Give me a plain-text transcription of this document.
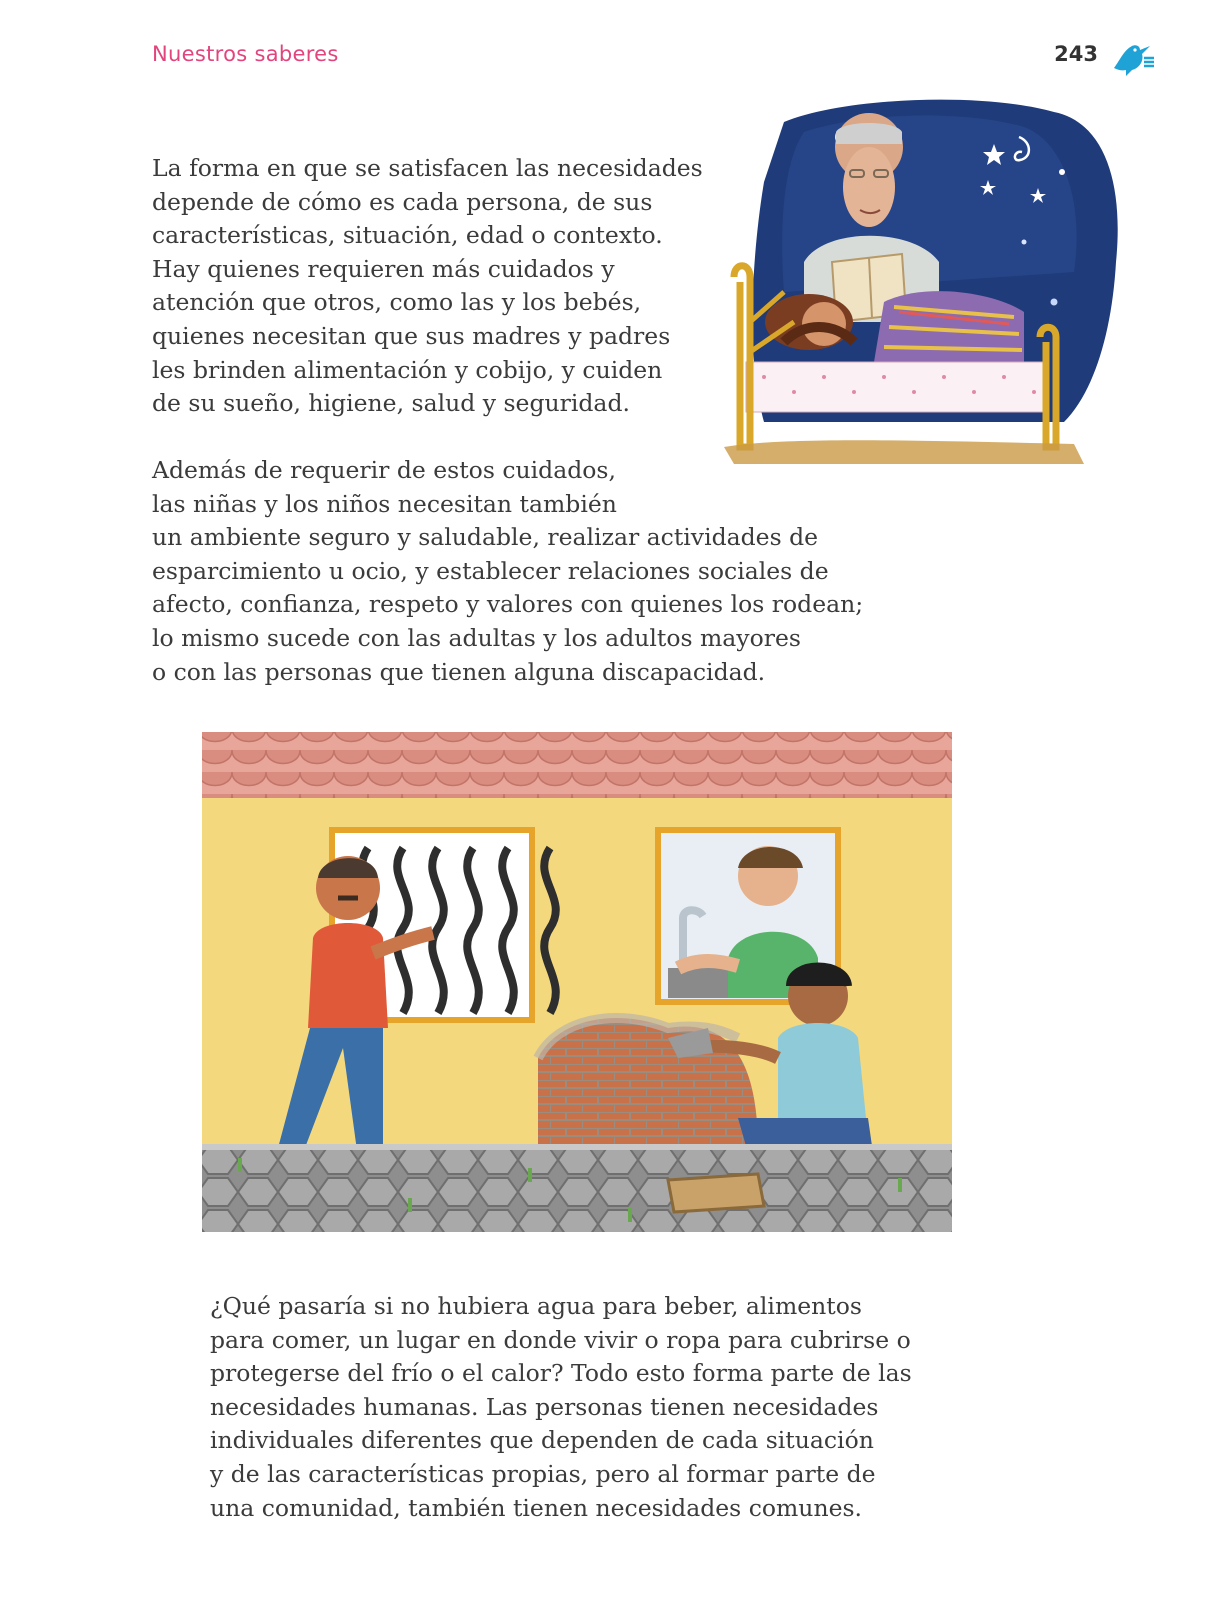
Nuestros saberes	243

La forma en que se satisfacen las necesidades
depende de cómo es cada persona, de sus
características, situación, edad o contexto.
Hay quienes requieren más cuidados y
atención que otros, como las y los bebés,
quienes necesitan que sus madres y padres
les brinden alimentación y cobijo, y cuiden
de su sueño, higiene, salud y seguridad.

Además de requerir de estos cuidados,
las niñas y los niños necesitan también
un ambiente seguro y saludable, realizar actividades de
esparcimiento u ocio, y establecer relaciones sociales de
afecto, confianza, respeto y valores con quienes los rodean;
lo mismo sucede con las adultas y los adultos mayores
o con las personas que tienen alguna discapacidad.

¿Qué pasaría si no hubiera agua para beber, alimentos
para comer, un lugar en donde vivir o ropa para cubrirse o
protegerse del frío o el calor? Todo esto forma parte de las
necesidades humanas. Las personas tienen necesidades
individuales diferentes que dependen de cada situación
y de las características propias, pero al formar parte de
una comunidad, también tienen necesidades comunes.
